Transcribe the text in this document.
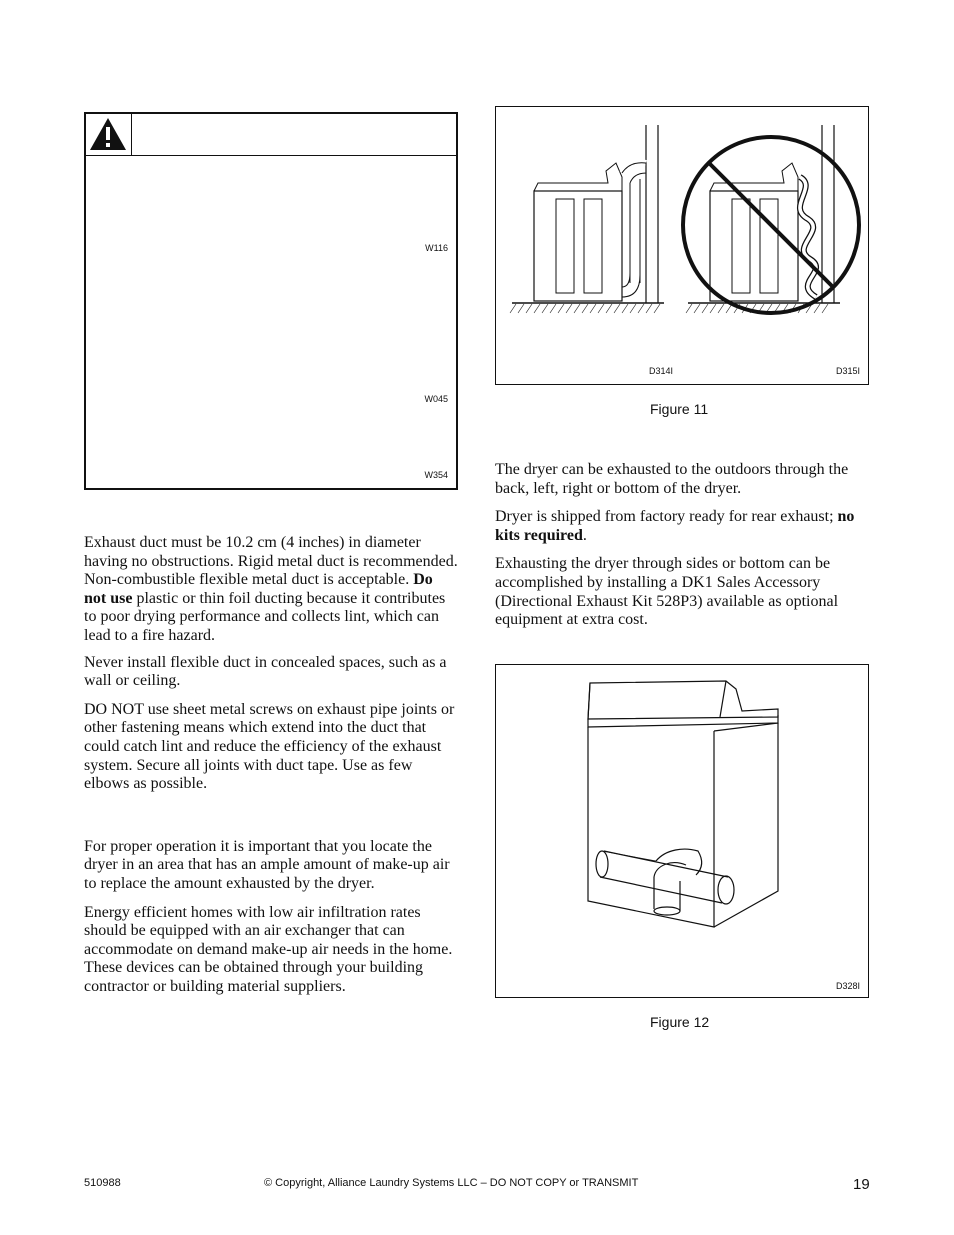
W116
W045
W354

Exhaust duct must be 10.2 cm (4 inches) in diameter having no obstructions. Rigid metal duct is recommended. Non-combustible flexible metal duct is acceptable. Do not use plastic or thin foil ducting because it contributes to poor drying performance and collects lint, which can lead to a fire hazard.

Never install flexible duct in concealed spaces, such as a wall or ceiling.

DO NOT use sheet metal screws on exhaust pipe joints or other fastening means which extend into the duct that could catch lint and reduce the efficiency of the exhaust system. Secure all joints with duct tape. Use as few elbows as possible.

For proper operation it is important that you locate the dryer in an area that has an ample amount of make-up air to replace the amount exhausted by the dryer.

Energy efficient homes with low air infiltration rates should be equipped with an air exchanger that can accommodate on demand make-up air needs in the home. These devices can be obtained through your building contractor or building material suppliers.

D314I	D315I
Figure 11

The dryer can be exhausted to the outdoors through the back, left, right or bottom of the dryer.

Dryer is shipped from factory ready for rear exhaust; no kits required.

Exhausting the dryer through sides or bottom can be accomplished by installing a DK1 Sales Accessory (Directional Exhaust Kit 528P3) available as optional equipment at extra cost.

D328I
Figure 12
510988	© Copyright, Alliance Laundry Systems LLC – DO NOT COPY or TRANSMIT	19
